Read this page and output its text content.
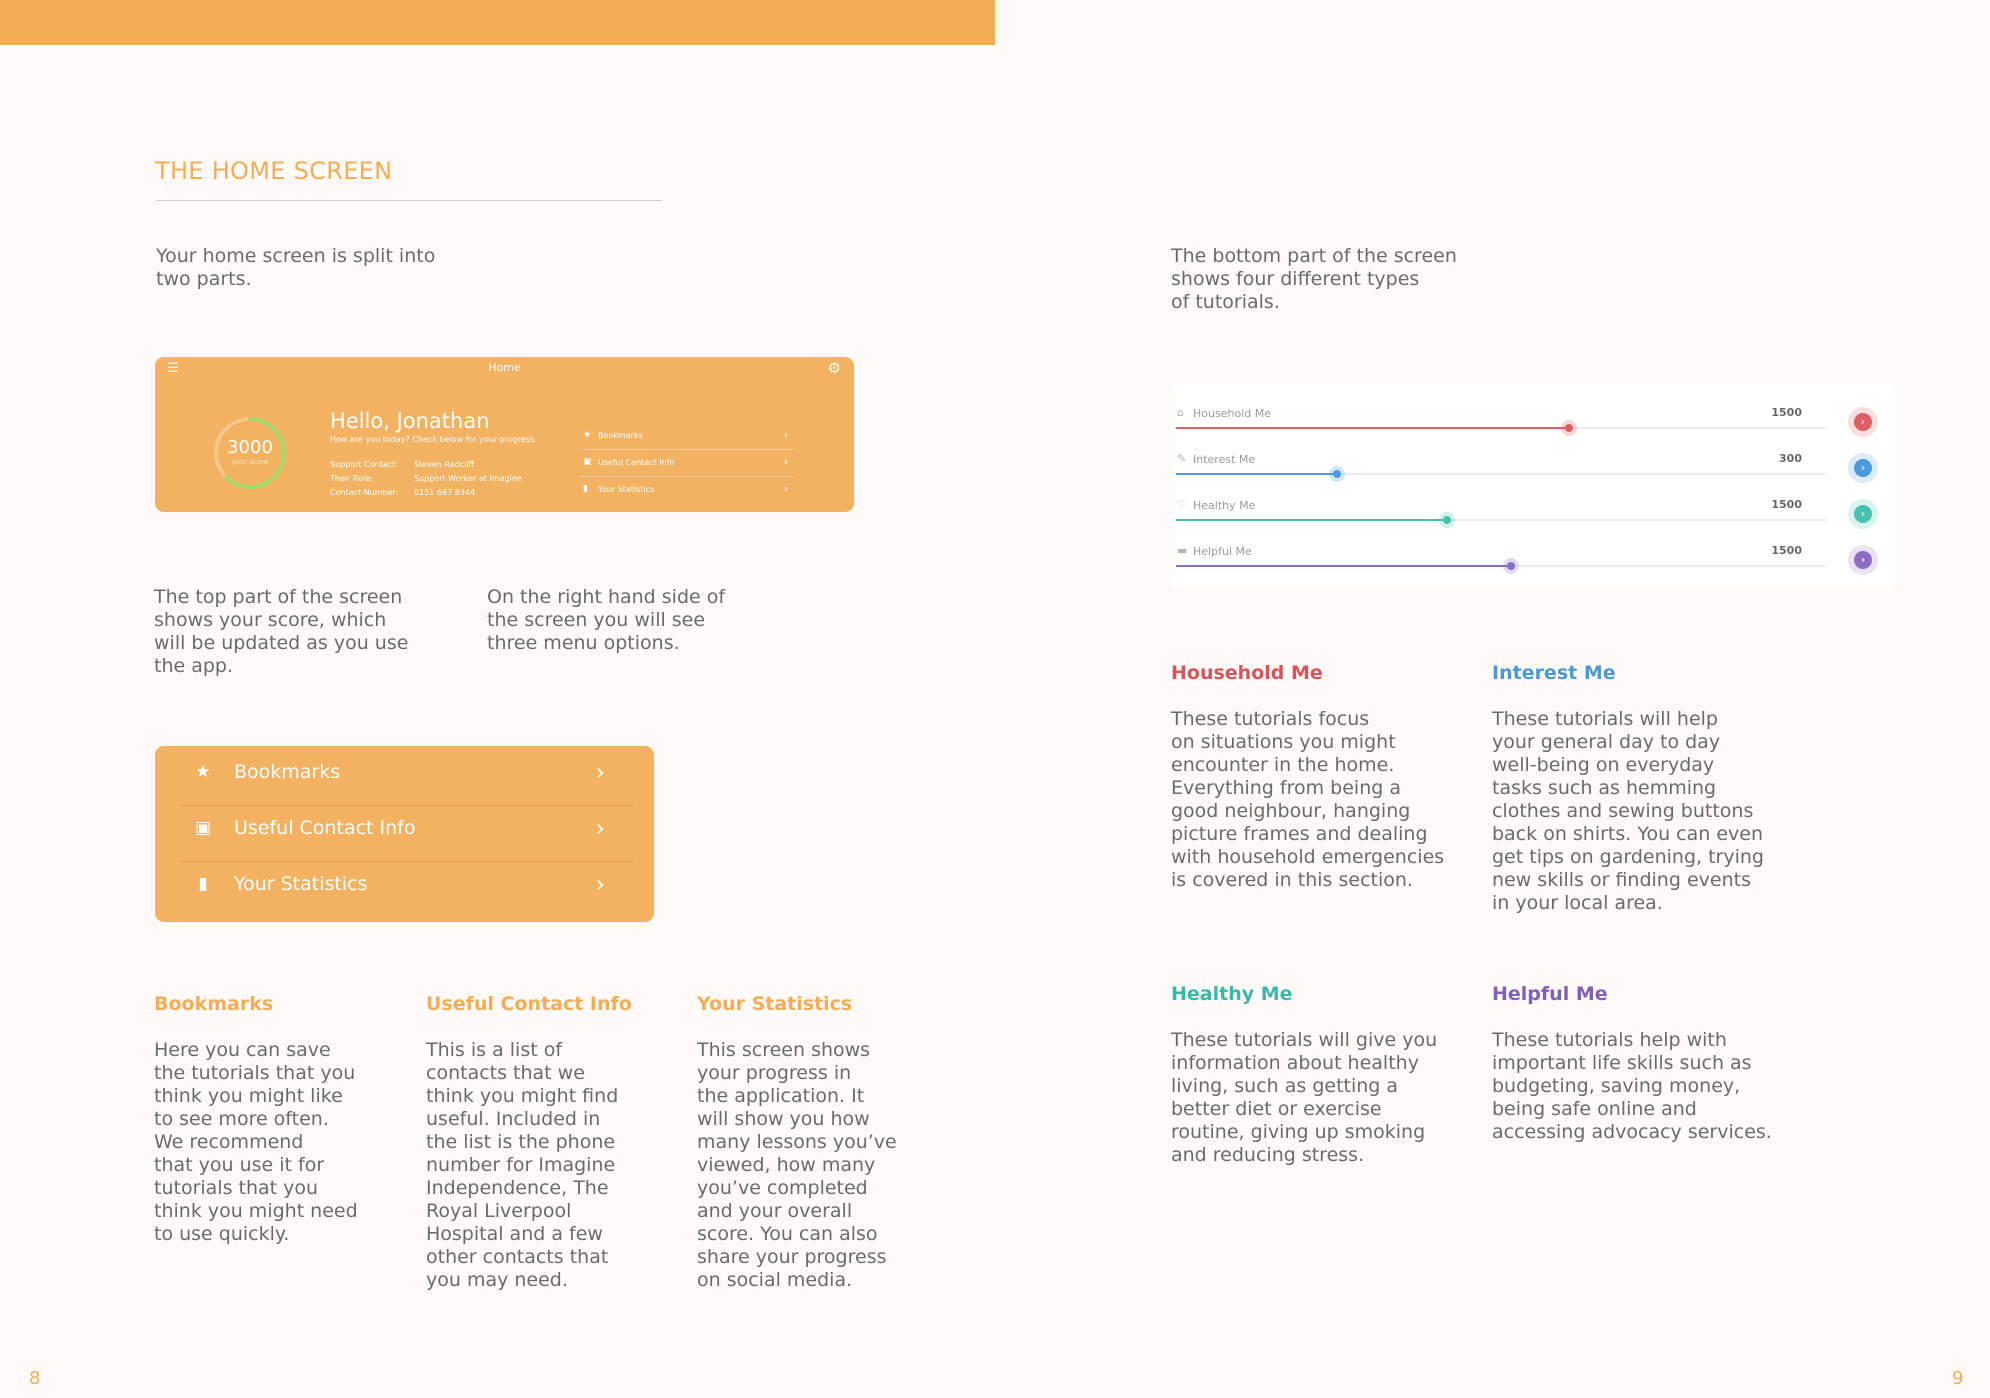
THE HOME SCREEN
Your home screen is split into
two parts.
☰	Home	⚙
3000
your score
Hello, Jonathan
How are you today? Check below for your progress
Support Contact: Steven Radcliff
Their Role:	Support Worker at Imagine
Contact Number: 0151 667 8344
★ Bookmarks	›
▣ Useful Contact Info	›
▮ Your Statistics	›
The top part of the screen
shows your score, which
will be updated as you use
the app.
On the right hand side of
the screen you will see
three menu options.
★ Bookmarks	›
▣ Useful Contact Info	›
▮ Your Statistics	›
Bookmarks
Here you can save
the tutorials that you
think you might like
to see more often.
We recommend
that you use it for
tutorials that you
think you might need
to use quickly.
Useful Contact Info
This is a list of
contacts that we
think you might find
useful. Included in
the list is the phone
number for Imagine
Independence, The
Royal Liverpool
Hospital and a few
other contacts that
you may need.
Your Statistics
This screen shows
your progress in
the application. It
will show you how
many lessons you’ve
viewed, how many
you’ve completed
and your overall
score. You can also
share your progress
on social media.
8
The bottom part of the screen
shows four different types
of tutorials.
⌂ Household Me	1500
›
✎ Interest Me	300
›
♡ Healthy Me	1500
›
▬ Helpful Me	1500
›
Household Me
These tutorials focus
on situations you might
encounter in the home.
Everything from being a
good neighbour, hanging
picture frames and dealing
with household emergencies
is covered in this section.
Interest Me
These tutorials will help
your general day to day
well-being on everyday
tasks such as hemming
clothes and sewing buttons
back on shirts. You can even
get tips on gardening, trying
new skills or finding events
in your local area.
Healthy Me
These tutorials will give you
information about healthy
living, such as getting a
better diet or exercise
routine, giving up smoking
and reducing stress.
Helpful Me
These tutorials help with
important life skills such as
budgeting, saving money,
being safe online and
accessing advocacy services.
9
